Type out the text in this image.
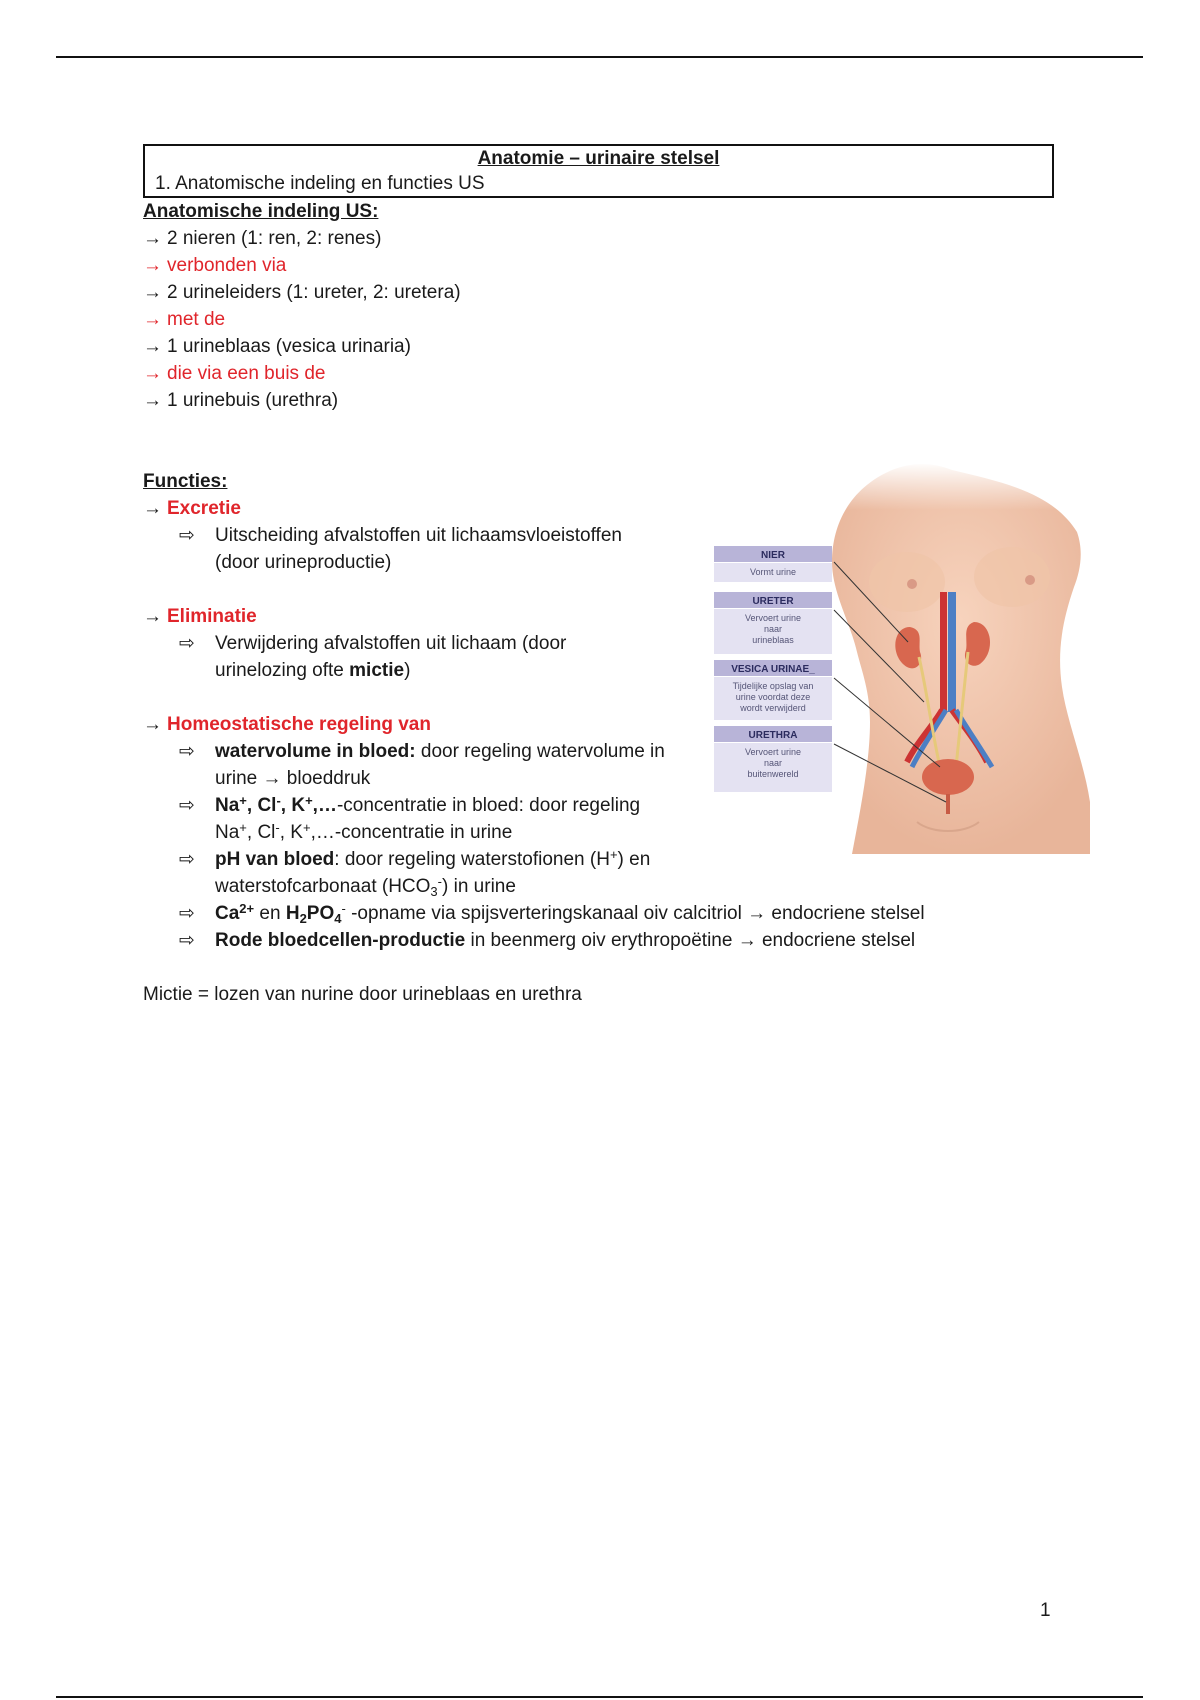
Anatomie – urinaire stelsel
1. Anatomische indeling en functies US
Anatomische indeling US:
→ 2 nieren (1: ren, 2: renes)
→ verbonden via
→ 2 urineleiders (1: ureter, 2: uretera)
→ met de
→ 1 urineblaas (vesica urinaria)
→ die via een buis de
→ 1 urinebuis (urethra)
Functies:
→ Excretie
⇨ Uitscheiding afvalstoffen uit lichaamsvloeistoffen
(door urineproductie)
→ Eliminatie
⇨ Verwijdering afvalstoffen uit lichaam (door
urinelozing ofte mictie)
→ Homeostatische regeling van
⇨ watervolume in bloed: door regeling watervolume in
urine → bloeddruk
⇨ Na+, Cl-, K+,…-concentratie in bloed: door regeling
Na+, Cl-, K+,…-concentratie in urine
⇨ pH van bloed: door regeling waterstofionen (H+) en
waterstofcarbonaat $(HCO_3^-)$ in urine
⇨ $Ca^{2+}$ en $H_2PO_4^-$ -opname via spijsverteringskanaal oiv calcitriol → endocriene stelsel
⇨ Rode bloedcellen-productie in beenmerg oiv erythropoëtine → endocriene stelsel
Mictie = lozen van nurine door urineblaas en urethra
1
